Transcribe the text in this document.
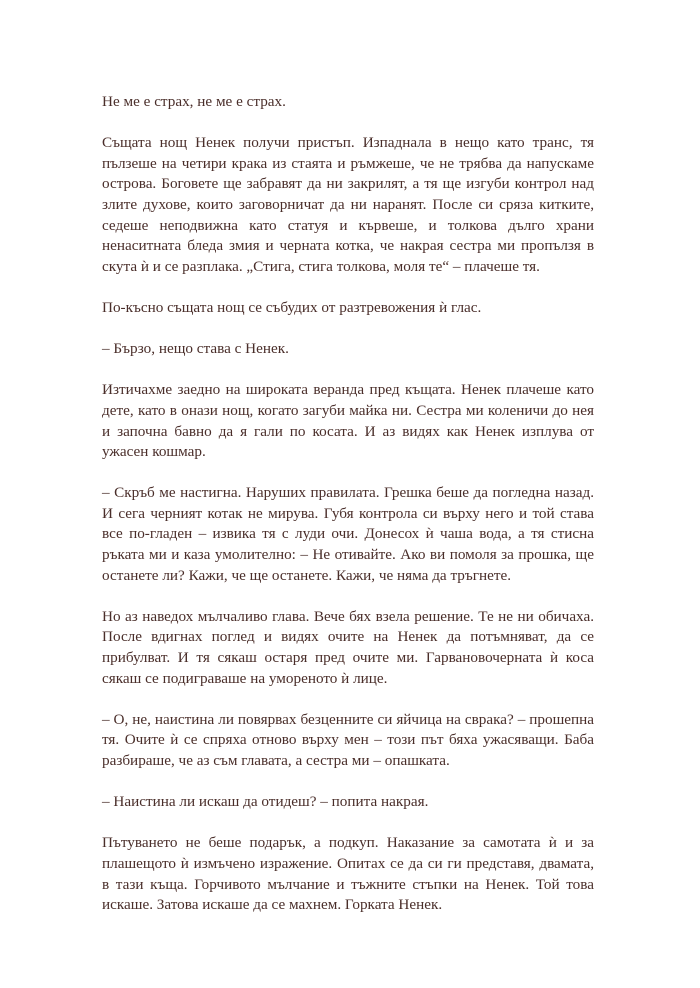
Не ме е страх, не ме е страх.

Същата нощ Ненек получи пристъп. Изпаднала в нещо като транс, тя пълзеше на четири крака из стаята и ръмжеше, че не трябва да напускаме острова. Боговете ще забравят да ни закрилят, а тя ще изгуби контрол над злите духове, които заговорничат да ни наранят. После си сряза китките, седеше неподвижна като статуя и кървеше, и толкова дълго храни ненаситната бледа змия и черната котка, че накрая сестра ми пропълзя в скута ѝ и се разплака. „Стига, стига толкова, моля те“ – плачеше тя.

По-късно същата нощ се събудих от разтревожения ѝ глас.

– Бързо, нещо става с Ненек.

Изтичахме заедно на широката веранда пред къщата. Ненек плачеше като дете, като в онази нощ, когато загуби майка ни. Сестра ми коленичи до нея и започна бавно да я гали по косата. И аз видях как Ненек изплува от ужасен кошмар.

– Скръб ме настигна. Наруших правилата. Грешка беше да погледна назад. И сега черният котак не мирува. Губя контрола си върху него и той става все по-гладен – извика тя с луди очи. Донесох ѝ чаша вода, а тя стисна ръката ми и каза умолително: – Не отивайте. Ако ви помоля за прошка, ще останете ли? Кажи, че ще останете. Кажи, че няма да тръгнете.

Но аз наведох мълчаливо глава. Вече бях взела решение. Те не ни обичаха. После вдигнах поглед и видях очите на Ненек да потъмняват, да се прибулват. И тя сякаш остаря пред очите ми. Гарвановочерната ѝ коса сякаш се подиграваше на умореното ѝ лице.

– О, не, наистина ли повярвах безценните си яйчица на сврака? – прошепна тя. Очите ѝ се спряха отново върху мен – този път бяха ужасяващи. Баба разбираше, че аз съм главата, а сестра ми – опашката.

– Наистина ли искаш да отидеш? – попита накрая.

Пътуването не беше подарък, а подкуп. Наказание за самотата ѝ и за плашещото ѝ измъчено изражение. Опитах се да си ги представя, двамата, в тази къща. Горчивото мълчание и тъжните стъпки на Ненек. Той това искаше. Затова искаше да се махнем. Горката Ненек.
